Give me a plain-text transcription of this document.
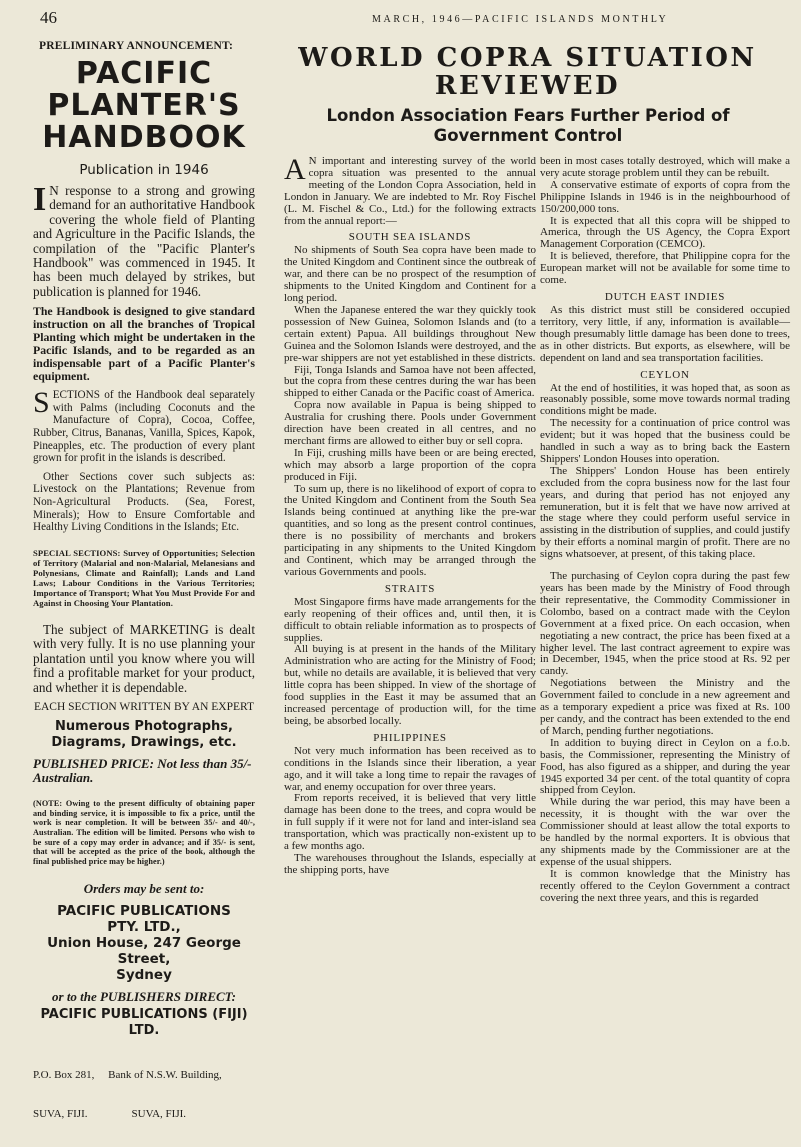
46	MARCH, 1946—PACIFIC ISLANDS MONTHLY
PRELIMINARY ANNOUNCEMENT:
PACIFIC
PLANTER'S
HANDBOOK
Publication in 1946

I N response to a strong and growing demand for an authoritative Handbook covering the whole field of Planting and Agriculture in the Pacific Islands, the compilation of the "Pacific Planter's Handbook" was commenced in 1945. It has been much delayed by strikes, but publication is planned for 1946.

The Handbook is designed to give standard instruction on all the branches of Tropical Planting which might be undertaken in the Pacific Islands, and to be regarded as an indispensable part of a Pacific Planter's equipment.

SECTIONS of the Handbook deal separately with Palms (including Coconuts and the Manufacture of Copra), Cocoa, Coffee, Rubber, Citrus, Bananas, Vanilla, Spices, Kapok, Pineapples, etc. The production of every plant grown for profit in the islands is described.

Other Sections cover such subjects as: Livestock on the Plantations; Revenue from Non-Agricultural Products. (Sea, Forest, Minerals); How to Ensure Comfortable and Healthy Living Conditions in the Islands; Etc.

SPECIAL SECTIONS: Survey of Opportunities; Selection of Territory (Malarial and non-Malarial, Melanesians and Polynesians, Climate and Rainfall); Lands and Land Laws; Labour Conditions in the Various Territories; Importance of Transport; What You Must Provide For and Against in Choosing Your Plantation.

The subject of MARKETING is dealt with very fully. It is no use planning your plantation until you know where you will find a profitable market for your product, and whether it is dependable.

EACH SECTION WRITTEN BY AN EXPERT
Numerous Photographs, Diagrams, Drawings, etc.
PUBLISHED PRICE: Not less than 35/- Australian.

(NOTE: Owing to the present difficulty of obtaining paper and binding service, it is impossible to fix a price, until the work is near completion. It will be between 35/- and 40/-, Australian. The edition will be limited. Persons who wish to be sure of a copy may order in advance; and if 35/- is sent, that will be accepted as the price of the book, although the final published price may be higher.)

Orders may be sent to:
PACIFIC PUBLICATIONS
PTY. LTD.,
Union House, 247 George Street,
Sydney
or to the PUBLISHERS DIRECT:
PACIFIC PUBLICATIONS (FIJI)
LTD.

P.O. Box 281,     Bank of N.S.W. Building,

SUVA, FIJI.                SUVA, FIJI.

WORLD COPRA SITUATION REVIEWED
London Association Fears Further Period of Government Control

A N important and interesting survey of the world copra situation was presented to the annual meeting of the London Copra Association, held in London in January. We are indebted to Mr. Roy Fischel (L. M. Fischel & Co., Ltd.) for the following extracts from the annual report:—

SOUTH SEA ISLANDS

No shipments of South Sea copra have been made to the United Kingdom and Continent since the outbreak of war, and there can be no prospect of the resumption of shipments to the United Kingdom and Continent for a long period.

When the Japanese entered the war they quickly took possession of New Guinea, Solomon Islands and (to a certain extent) Papua. All buildings throughout New Guinea and the Solomon Islands were destroyed, and the pre-war shippers are not yet established in these districts.

Fiji, Tonga Islands and Samoa have not been affected, but the copra from these centres during the war has been shipped to either Canada or the Pacific coast of America.

Copra now available in Papua is being shipped to Australia for crushing there. Pools under Government direction have been created in all centres, and no merchant firms are allowed to either buy or sell copra.

In Fiji, crushing mills have been or are being erected, which may absorb a large proportion of the copra produced in Fiji.

To sum up, there is no likelihood of export of copra to the United Kingdom and Continent from the South Sea Islands being continued at anything like the pre-war quantities, and so long as the present control continues, there is no possibility of merchants and brokers participating in any shipments to the United Kingdom and Continent, which may be arranged through the various Governments and pools.

STRAITS

Most Singapore firms have made arrangements for the early reopening of their offices and, until then, it is difficult to obtain reliable information as to prospects of supplies.

All buying is at present in the hands of the Military Administration who are acting for the Ministry of Food; but, while no details are available, it is believed that very little copra has been shipped. In view of the shortage of food supplies in the East it may be assumed that an increased percentage of production will, for the time being, be absorbed locally.

PHILIPPINES

Not very much information has been received as to conditions in the Islands since their liberation, a year ago, and it will take a long time to repair the ravages of war, and enemy occupation for over three years.

From reports received, it is believed that very little damage has been done to the trees, and copra would be in full supply if it were not for land and inter-island sea transportation, which was practically non-existent up to a few months ago.

The warehouses throughout the Islands, especially at the shipping ports, have

been in most cases totally destroyed, which will make a very acute storage problem until they can be rebuilt.

A conservative estimate of exports of copra from the Philippine Islands in 1946 is in the neighbourhood of 150/200,000 tons.

It is expected that all this copra will be shipped to America, through the US Agency, the Copra Export Management Corporation (CEMCO).

It is believed, therefore, that Philippine copra for the European market will not be available for some time to come.

DUTCH EAST INDIES

As this district must still be considered occupied territory, very little, if any, information is available—though presumably little damage has been done to trees, as in other districts. But exports, as elsewhere, will be dependent on land and sea transportation facilities.

CEYLON

At the end of hostilities, it was hoped that, as soon as reasonably possible, some move towards normal trading conditions might be made.

The necessity for a continuation of price control was evident; but it was hoped that the business could be handled in such a way as to bring back the Eastern Shippers' London Houses into operation.

The Shippers' London House has been entirely excluded from the copra business now for the last four years, and during that period has not enjoyed any remuneration, but it is felt that we have now arrived at the stage where they could perform useful service in assisting in the distribution of supplies, and could justify by their efforts a nominal margin of profit. There are no signs whatsoever, at present, of this taking place.

The purchasing of Ceylon copra during the past few years has been made by the Ministry of Food through their representative, the Commodity Commissioner in Colombo, based on a contract made with the Ceylon Government at a fixed price. On each occasion, when negotiating a new contract, the price has been fixed at a higher level. The last contract agreement to expire was in December, 1945, when the price stood at Rs. 92 per candy.

Negotiations between the Ministry and the Government failed to conclude in a new agreement and as a temporary expedient a price was fixed at Rs. 100 per candy, and the contract has been extended to the end of March, pending further negotiations.

In addition to buying direct in Ceylon on a f.o.b. basis, the Commissioner, representing the Ministry of Food, has also figured as a shipper, and during the year 1945 exported 34 per cent. of the total quantity of copra shipped from Ceylon.

While during the war period, this may have been a necessity, it is thought with the war over the Commissioner should at least allow the total exports to be handled by the normal exporters. It is obvious that any shipments made by the Commissioner are at the expense of the usual shippers.

It is common knowledge that the Ministry has recently offered to the Ceylon Government a contract covering the next three years, and this is regarded
